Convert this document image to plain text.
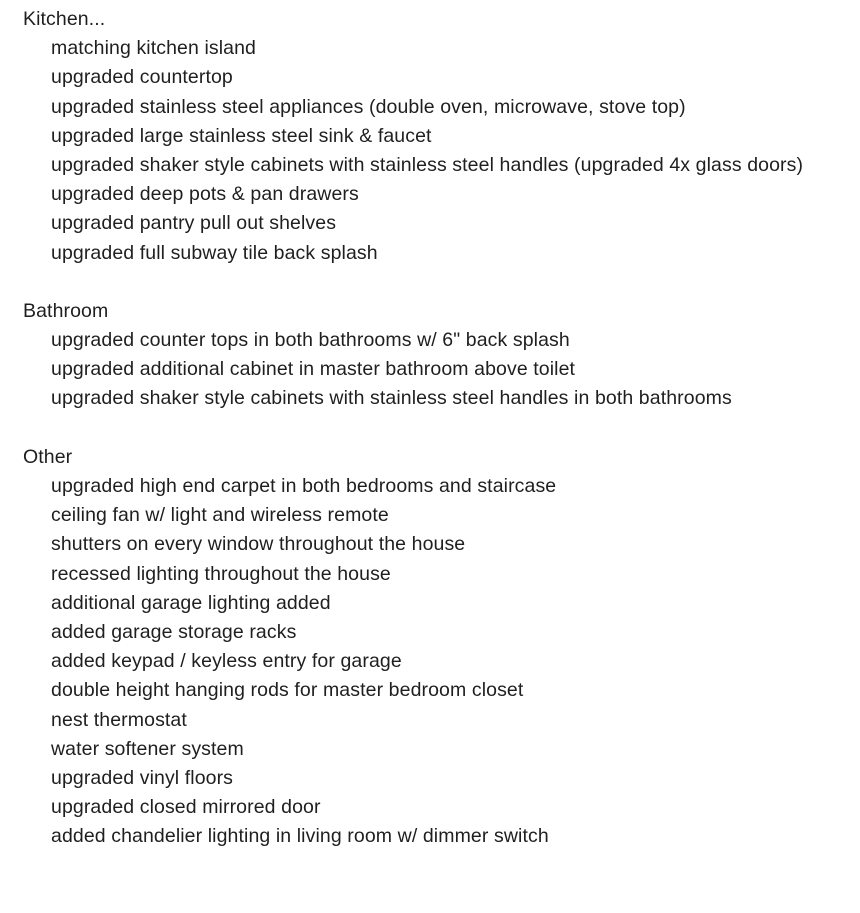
Kitchen...
matching kitchen island
upgraded countertop
upgraded stainless steel appliances (double oven, microwave, stove top)
upgraded large stainless steel sink & faucet
upgraded shaker style cabinets with stainless steel handles (upgraded 4x glass doors)
upgraded deep pots & pan drawers
upgraded pantry pull out shelves
upgraded full subway tile back splash
Bathroom
upgraded counter tops in both bathrooms w/ 6" back splash
upgraded additional cabinet in master bathroom above toilet
upgraded shaker style cabinets with stainless steel handles in both bathrooms
Other
upgraded high end carpet in both bedrooms and staircase
ceiling fan w/ light and wireless remote
shutters on every window throughout the house
recessed lighting throughout the house
additional garage lighting added
added garage storage racks
added keypad / keyless entry for garage
double height hanging rods for master bedroom closet
nest thermostat
water softener system
upgraded vinyl floors
upgraded closed mirrored door
added chandelier lighting in living room w/ dimmer switch
